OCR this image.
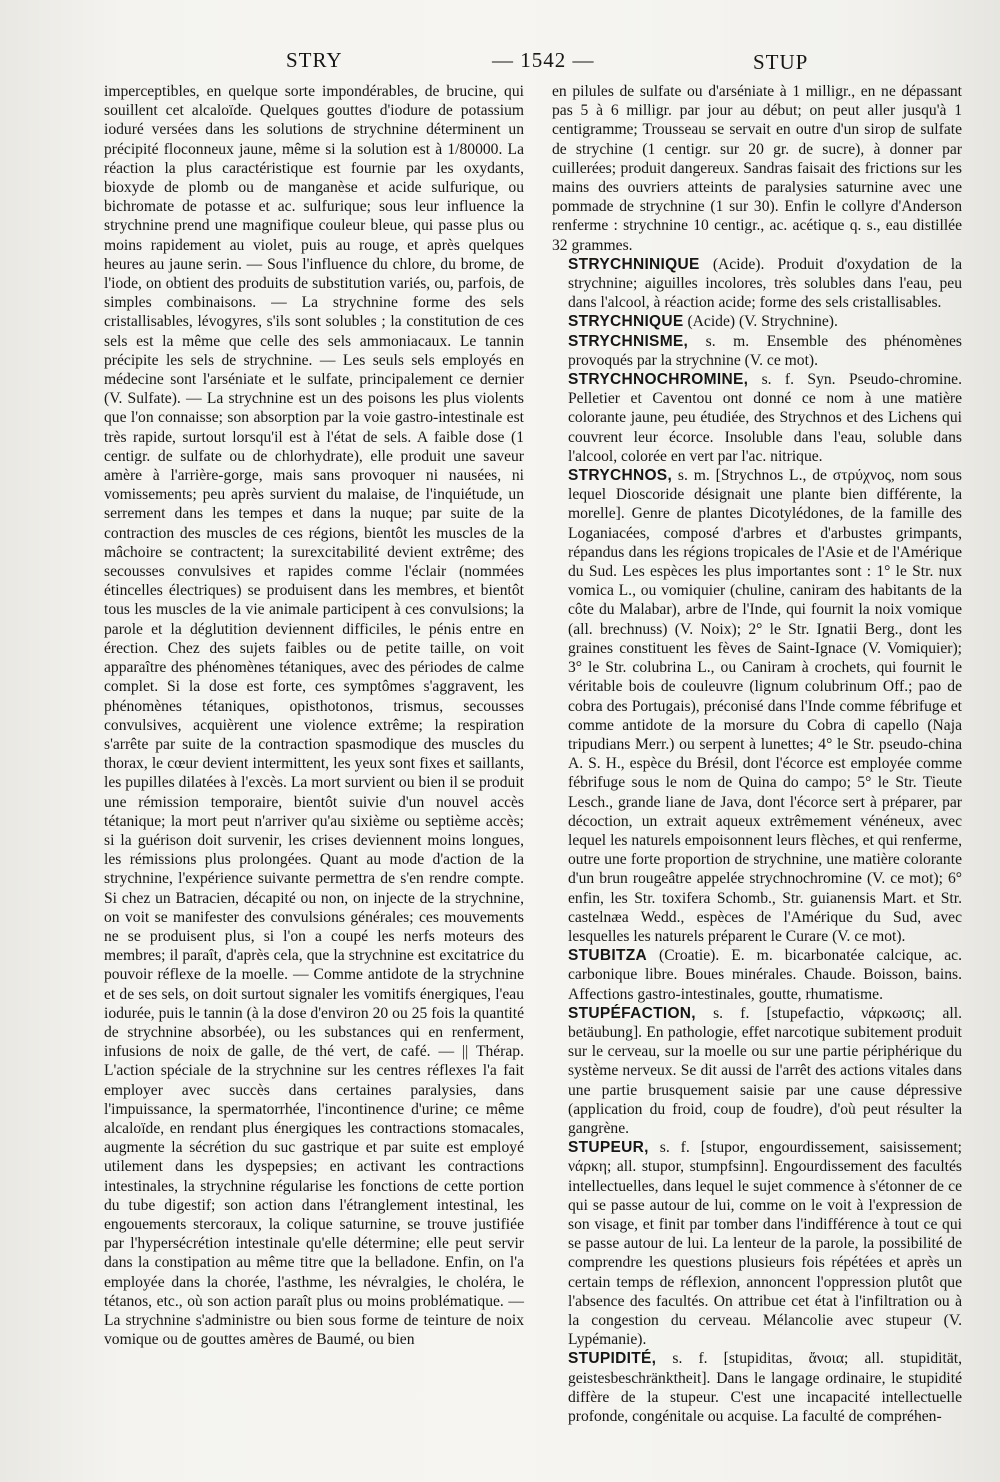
STRY	— 1542 —	STUP

imperceptibles, en quelque sorte impondérables, de brucine, qui souillent cet alcaloïde. Quelques gouttes d'iodure de potassium ioduré versées dans les solutions de strychnine déterminent un précipité floconneux jaune, même si la solution est à 1/80000. La réaction la plus caractéristique est fournie par les oxydants, bioxyde de plomb ou de manganèse et acide sulfurique, ou bichromate de potasse et ac. sulfurique; sous leur influence la strychnine prend une magnifique couleur bleue, qui passe plus ou moins rapidement au violet, puis au rouge, et après quelques heures au jaune serin. — Sous l'influence du chlore, du brome, de l'iode, on obtient des produits de substitution variés, ou, parfois, de simples combinaisons. — La strychnine forme des sels cristallisables, lévogyres, s'ils sont solubles ; la constitution de ces sels est la même que celle des sels ammoniacaux. Le tannin précipite les sels de strychnine. — Les seuls sels employés en médecine sont l'arséniate et le sulfate, principalement ce dernier (V. Sulfate). — La strychnine est un des poisons les plus violents que l'on connaisse; son absorption par la voie gastro-intestinale est très rapide, surtout lorsqu'il est à l'état de sels. A faible dose (1 centigr. de sulfate ou de chlorhydrate), elle produit une saveur amère à l'arrière-gorge, mais sans provoquer ni nausées, ni vomissements; peu après survient du malaise, de l'inquiétude, un serrement dans les tempes et dans la nuque; par suite de la contraction des muscles de ces régions, bientôt les muscles de la mâchoire se contractent; la surexcitabilité devient extrême; des secousses convulsives et rapides comme l'éclair (nommées étincelles électriques) se produisent dans les membres, et bientôt tous les muscles de la vie animale participent à ces convulsions; la parole et la déglutition deviennent difficiles, le pénis entre en érection. Chez des sujets faibles ou de petite taille, on voit apparaître des phénomènes tétaniques, avec des périodes de calme complet. Si la dose est forte, ces symptômes s'aggravent, les phénomènes tétaniques, opisthotonos, trismus, secousses convulsives, acquièrent une violence extrême; la respiration s'arrête par suite de la contraction spasmodique des muscles du thorax, le cœur devient intermittent, les yeux sont fixes et saillants, les pupilles dilatées à l'excès. La mort survient ou bien il se produit une rémission temporaire, bientôt suivie d'un nouvel accès tétanique; la mort peut n'arriver qu'au sixième ou septième accès; si la guérison doit survenir, les crises deviennent moins longues, les rémissions plus prolongées. Quant au mode d'action de la strychnine, l'expérience suivante permettra de s'en rendre compte. Si chez un Batracien, décapité ou non, on injecte de la strychnine, on voit se manifester des convulsions générales; ces mouvements ne se produisent plus, si l'on a coupé les nerfs moteurs des membres; il paraît, d'après cela, que la strychnine est excitatrice du pouvoir réflexe de la moelle. — Comme antidote de la strychnine et de ses sels, on doit surtout signaler les vomitifs énergiques, l'eau iodurée, puis le tannin (à la dose d'environ 20 ou 25 fois la quantité de strychnine absorbée), ou les substances qui en renferment, infusions de noix de galle, de thé vert, de café. — || Thérap. L'action spéciale de la strychnine sur les centres réflexes l'a fait employer avec succès dans certaines paralysies, dans l'impuissance, la spermatorrhée, l'incontinence d'urine; ce même alcaloïde, en rendant plus énergiques les contractions stomacales, augmente la sécrétion du suc gastrique et par suite est employé utilement dans les dyspepsies; en activant les contractions intestinales, la strychnine régularise les fonctions de cette portion du tube digestif; son action dans l'étranglement intestinal, les engouements stercoraux, la colique saturnine, se trouve justifiée par l'hypersécrétion intestinale qu'elle détermine; elle peut servir dans la constipation au même titre que la belladone. Enfin, on l'a employée dans la chorée, l'asthme, les névralgies, le choléra, le tétanos, etc., où son action paraît plus ou moins problématique. — La strychnine s'administre ou bien sous forme de teinture de noix vomique ou de gouttes amères de Baumé, ou bien

en pilules de sulfate ou d'arséniate à 1 milligr., en ne dépassant pas 5 à 6 milligr. par jour au début; on peut aller jusqu'à 1 centigramme; Trousseau se servait en outre d'un sirop de sulfate de strychine (1 centigr. sur 20 gr. de sucre), à donner par cuillerées; produit dangereux. Sandras faisait des frictions sur les mains des ouvriers atteints de paralysies saturnine avec une pommade de strychnine (1 sur 30). Enfin le collyre d'Anderson renferme : strychnine 10 centigr., ac. acétique q. s., eau distillée 32 grammes.

STRYCHNINIQUE (Acide). Produit d'oxydation de la strychnine; aiguilles incolores, très solubles dans l'eau, peu dans l'alcool, à réaction acide; forme des sels cristallisables.

STRYCHNIQUE (Acide) (V. Strychnine).

STRYCHNISME, s. m. Ensemble des phénomènes provoqués par la strychnine (V. ce mot).

STRYCHNOCHROMINE, s. f. Syn. Pseudo-chromine. Pelletier et Caventou ont donné ce nom à une matière colorante jaune, peu étudiée, des Strychnos et des Lichens qui couvrent leur écorce. Insoluble dans l'eau, soluble dans l'alcool, colorée en vert par l'ac. nitrique.

STRYCHNOS, s. m. [Strychnos L., de στρύχνος, nom sous lequel Dioscoride désignait une plante bien différente, la morelle]. Genre de plantes Dicotylédones, de la famille des Loganiacées, composé d'arbres et d'arbustes grimpants, répandus dans les régions tropicales de l'Asie et de l'Amérique du Sud. Les espèces les plus importantes sont : 1° le Str. nux vomica L., ou vomiquier (chuline, caniram des habitants de la côte du Malabar), arbre de l'Inde, qui fournit la noix vomique (all. brechnuss) (V. Noix); 2° le Str. Ignatii Berg., dont les graines constituent les fèves de Saint-Ignace (V. Vomiquier); 3° le Str. colubrina L., ou Caniram à crochets, qui fournit le véritable bois de couleuvre (lignum colubrinum Off.; pao de cobra des Portugais), préconisé dans l'Inde comme fébrifuge et comme antidote de la morsure du Cobra di capello (Naja tripudians Merr.) ou serpent à lunettes; 4° le Str. pseudo-china A. S. H., espèce du Brésil, dont l'écorce est employée comme fébrifuge sous le nom de Quina do campo; 5° le Str. Tieute Lesch., grande liane de Java, dont l'écorce sert à préparer, par décoction, un extrait aqueux extrêmement vénéneux, avec lequel les naturels empoisonnent leurs flèches, et qui renferme, outre une forte proportion de strychnine, une matière colorante d'un brun rougeâtre appelée strychnochromine (V. ce mot); 6° enfin, les Str. toxifera Schomb., Str. guianensis Mart. et Str. castelnæa Wedd., espèces de l'Amérique du Sud, avec lesquelles les naturels préparent le Curare (V. ce mot).

STUBITZA (Croatie). E. m. bicarbonatée calcique, ac. carbonique libre. Boues minérales. Chaude. Boisson, bains. Affections gastro-intestinales, goutte, rhumatisme.

STUPÉFACTION, s. f. [stupefactio, νάρκωσις; all. betäubung]. En pathologie, effet narcotique subitement produit sur le cerveau, sur la moelle ou sur une partie périphérique du système nerveux. Se dit aussi de l'arrêt des actions vitales dans une partie brusquement saisie par une cause dépressive (application du froid, coup de foudre), d'où peut résulter la gangrène.

STUPEUR, s. f. [stupor, engourdissement, saisissement; νάρκη; all. stupor, stumpfsinn]. Engourdissement des facultés intellectuelles, dans lequel le sujet commence à s'étonner de ce qui se passe autour de lui, comme on le voit à l'expression de son visage, et finit par tomber dans l'indifférence à tout ce qui se passe autour de lui. La lenteur de la parole, la possibilité de comprendre les questions plusieurs fois répétées et après un certain temps de réflexion, annoncent l'oppression plutôt que l'absence des facultés. On attribue cet état à l'infiltration ou à la congestion du cerveau. Mélancolie avec stupeur (V. Lypémanie).

STUPIDITÉ, s. f. [stupiditas, ἄνοια; all. stupidität, geistesbeschränktheit]. Dans le langage ordinaire, le stupidité diffère de la stupeur. C'est une incapacité intellectuelle profonde, congénitale ou acquise. La faculté de compréhen-
